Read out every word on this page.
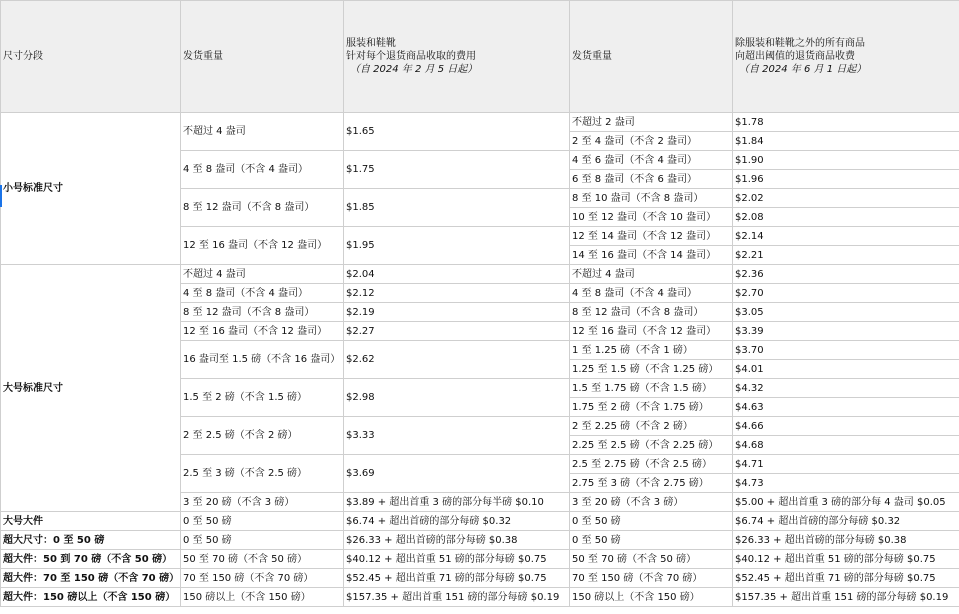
尺寸分段	发货重量	服装和鞋靴
针对每个退货商品收取的费用
（自 2024 年 2 月 5 日起）	发货重量	除服装和鞋靴之外的所有商品
向超出阈值的退货商品收费
（自 2024 年 6 月 1 日起）

小号标准尺寸	不超过 4 盎司	$1.65	不超过 2 盎司	$1.78
			2 至 4 盎司（不含 2 盎司）	$1.84
	4 至 8 盎司（不含 4 盎司）	$1.75	4 至 6 盎司（不含 4 盎司）	$1.90
			6 至 8 盎司（不含 6 盎司）	$1.96
	8 至 12 盎司（不含 8 盎司）	$1.85	8 至 10 盎司（不含 8 盎司）	$2.02
			10 至 12 盎司（不含 10 盎司）	$2.08
	12 至 16 盎司（不含 12 盎司）	$1.95	12 至 14 盎司（不含 12 盎司）	$2.14
			14 至 16 盎司（不含 14 盎司）	$2.21
大号标准尺寸	不超过 4 盎司	$2.04	不超过 4 盎司	$2.36
	4 至 8 盎司（不含 4 盎司）	$2.12	4 至 8 盎司（不含 4 盎司）	$2.70
	8 至 12 盎司（不含 8 盎司）	$2.19	8 至 12 盎司（不含 8 盎司）	$3.05
	12 至 16 盎司（不含 12 盎司）	$2.27	12 至 16 盎司（不含 12 盎司）	$3.39
	16 盎司至 1.5 磅（不含 16 盎司）	$2.62	1 至 1.25 磅（不含 1 磅）	$3.70
			1.25 至 1.5 磅（不含 1.25 磅）	$4.01
	1.5 至 2 磅（不含 1.5 磅）	$2.98	1.5 至 1.75 磅（不含 1.5 磅）	$4.32
			1.75 至 2 磅（不含 1.75 磅）	$4.63
	2 至 2.5 磅（不含 2 磅）	$3.33	2 至 2.25 磅（不含 2 磅）	$4.66
			2.25 至 2.5 磅（不含 2.25 磅）	$4.68
	2.5 至 3 磅（不含 2.5 磅）	$3.69	2.5 至 2.75 磅（不含 2.5 磅）	$4.71
			2.75 至 3 磅（不含 2.75 磅）	$4.73
	3 至 20 磅（不含 3 磅）	$3.89 + 超出首重 3 磅的部分每半磅 $0.10	3 至 20 磅（不含 3 磅）	$5.00 + 超出首重 3 磅的部分每 4 盎司 $0.05
大号大件	0 至 50 磅	$6.74 + 超出首磅的部分每磅 $0.32	0 至 50 磅	$6.74 + 超出首磅的部分每磅 $0.32
超大尺寸：0 至 50 磅	0 至 50 磅	$26.33 + 超出首磅的部分每磅 $0.38	0 至 50 磅	$26.33 + 超出首磅的部分每磅 $0.38
超大件：50 到 70 磅（不含 50 磅）	50 至 70 磅（不含 50 磅）	$40.12 + 超出首重 51 磅的部分每磅 $0.75	50 至 70 磅（不含 50 磅）	$40.12 + 超出首重 51 磅的部分每磅 $0.75
超大件：70 至 150 磅（不含 70 磅）	70 至 150 磅（不含 70 磅）	$52.45 + 超出首重 71 磅的部分每磅 $0.75	70 至 150 磅（不含 70 磅）	$52.45 + 超出首重 71 磅的部分每磅 $0.75
超大件：150 磅以上（不含 150 磅）	150 磅以上（不含 150 磅）	$157.35 + 超出首重 151 磅的部分每磅 $0.19	150 磅以上（不含 150 磅）	$157.35 + 超出首重 151 磅的部分每磅 $0.19
